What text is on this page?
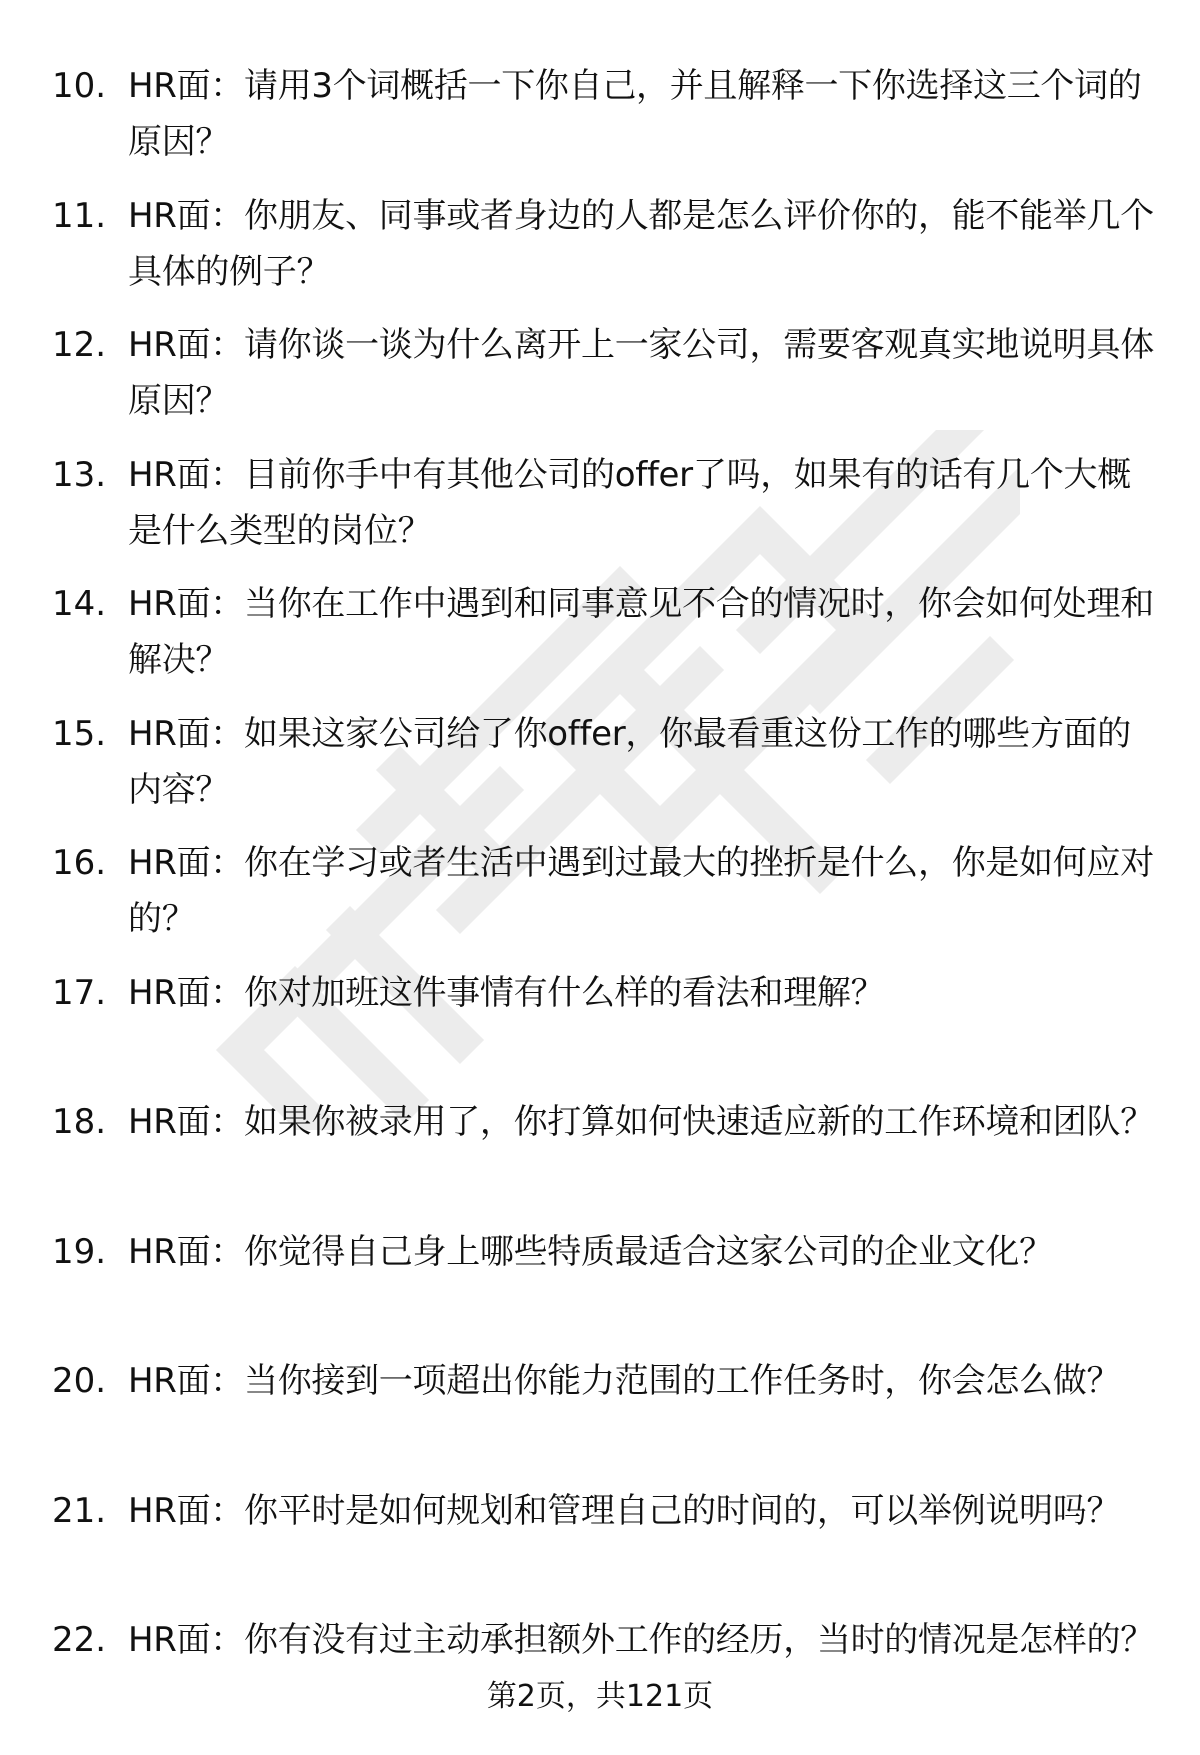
10. HR面：请用3个词概括一下你自己，并且解释一下你选择这三个词的原因？
11. HR面：你朋友、同事或者身边的人都是怎么评价你的，能不能举几个具体的例子？
12. HR面：请你谈一谈为什么离开上一家公司，需要客观真实地说明具体原因？
13. HR面：目前你手中有其他公司的offer了吗，如果有的话有几个大概是什么类型的岗位？
14. HR面：当你在工作中遇到和同事意见不合的情况时，你会如何处理和解决？
15. HR面：如果这家公司给了你offer，你最看重这份工作的哪些方面的内容？
16. HR面：你在学习或者生活中遇到过最大的挫折是什么，你是如何应对的？
17. HR面：你对加班这件事情有什么样的看法和理解？
18. HR面：如果你被录用了，你打算如何快速适应新的工作环境和团队？
19. HR面：你觉得自己身上哪些特质最适合这家公司的企业文化？
20. HR面：当你接到一项超出你能力范围的工作任务时，你会怎么做？
21. HR面：你平时是如何规划和管理自己的时间的，可以举例说明吗？
22. HR面：你有没有过主动承担额外工作的经历，当时的情况是怎样的？
第2页，共121页
